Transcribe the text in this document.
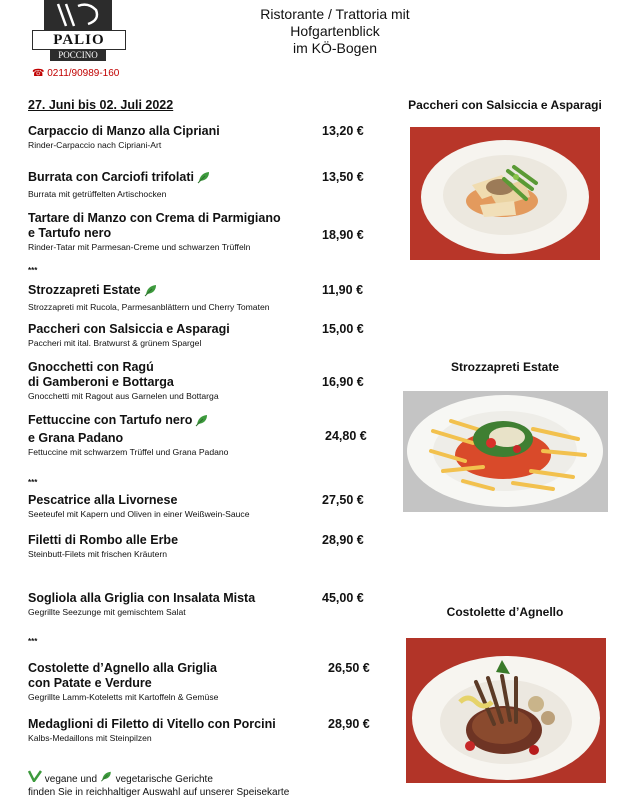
PALIO
POCCINO
☎ 0211/90989-160
Ristorante / Trattoria mit
Hofgartenblick
im KÖ-Bogen
27. Juni bis 02. Juli 2022
Carpaccio di Manzo alla Cipriani
Rinder-Carpaccio nach Cipriani-Art
13,20 €
Burrata con Carciofi trifolati
Burrata mit getrüffelten Artischocken
13,50 €
Tartare di Manzo con Crema di Parmigiano
e Tartufo nero
Rinder-Tatar mit Parmesan-Creme und schwarzen Trüffeln
18,90 €
***
Strozzapreti Estate
Strozzapreti mit Rucola, Parmesanblättern und Cherry Tomaten
11,90 €
Paccheri con Salsiccia e Asparagi
Paccheri mit ital. Bratwurst & grünem Spargel
15,00 €
Gnocchetti con Ragú
di Gamberoni e Bottarga
Gnocchetti mit Ragout aus Garnelen und Bottarga
16,90 €
Fettuccine con Tartufo nero
e Grana Padano
Fettuccine mit schwarzem Trüffel und Grana Padano
24,80 €
***
Pescatrice alla Livornese
Seeteufel mit Kapern und Oliven in einer Weißwein-Sauce
27,50 €
Filetti di Rombo alle Erbe
Steinbutt-Filets mit frischen Kräutern
28,90 €
Sogliola alla Griglia con Insalata Mista
Gegrillte Seezunge mit gemischtem Salat
45,00 €
***
Costolette d’Agnello alla Griglia
con Patate e Verdure
Gegrillte Lamm-Koteletts mit Kartoffeln & Gemüse
26,50 €
Medaglioni di Filetto di Vitello con Porcini
Kalbs-Medaillons mit Steinpilzen
28,90 €
Paccheri con Salsiccia e Asparagi
Strozzapreti Estate
Costolette d’Agnello
vegane und vegetarische Gerichte
finden Sie in reichhaltiger Auswahl auf unserer Speisekarte
